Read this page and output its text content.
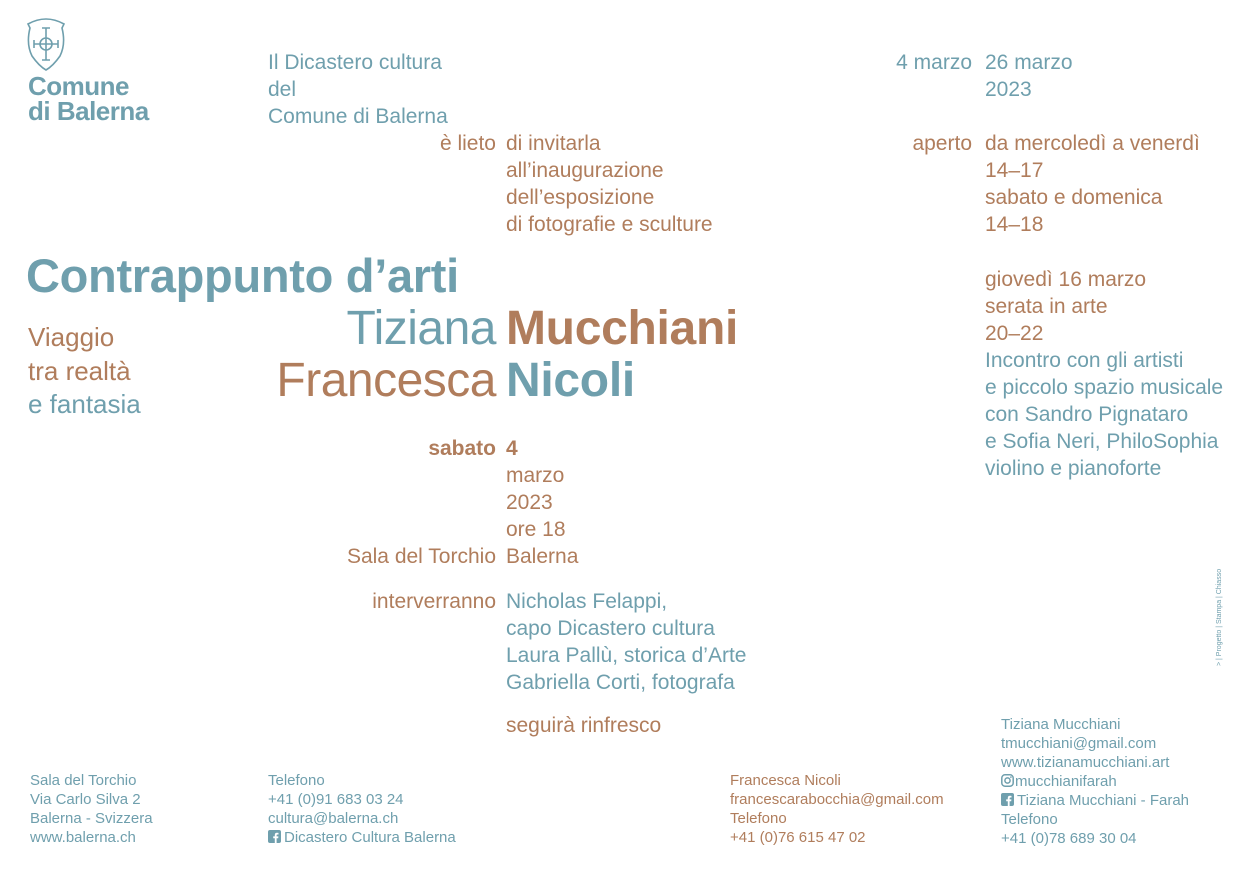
Comune
di Balerna
Il Dicastero cultura
del
Comune di Balerna
è lieto di invitarla
all’inaugurazione
dell’esposizione
di fotografie e sculture
Contrappunto d’arti
Tiziana Mucchiani
Francesca Nicoli
Viaggio
tra realtà
e fantasia
sabato 4
marzo
2023
ore 18
Sala del Torchio Balerna
interverranno Nicholas Felappi,
capo Dicastero cultura
Laura Pallù, storica d’Arte
Gabriella Corti, fotografa
seguirà rinfresco
4 marzo 26 marzo
2023
aperto da mercoledì a venerdì
14–17
sabato e domenica
14–18
giovedì 16 marzo
serata in arte
20–22
Incontro con gli artisti
e piccolo spazio musicale
con Sandro Pignataro
e Sofia Neri, PhiloSophia
violino e pianoforte
Sala del Torchio
Via Carlo Silva 2
Balerna - Svizzera
www.balerna.ch
Telefono
+41 (0)91 683 03 24
cultura@balerna.ch
Dicastero Cultura Balerna
Francesca Nicoli
francescarabocchia@gmail.com
Telefono
+41 (0)76 615 47 02
Tiziana Mucchiani
tmucchiani@gmail.com
www.tizianamucchiani.art
mucchianifarah
Tiziana Mucchiani - Farah
Telefono
+41 (0)78 689 30 04
> | Progetto | Stampa | Chiasso
